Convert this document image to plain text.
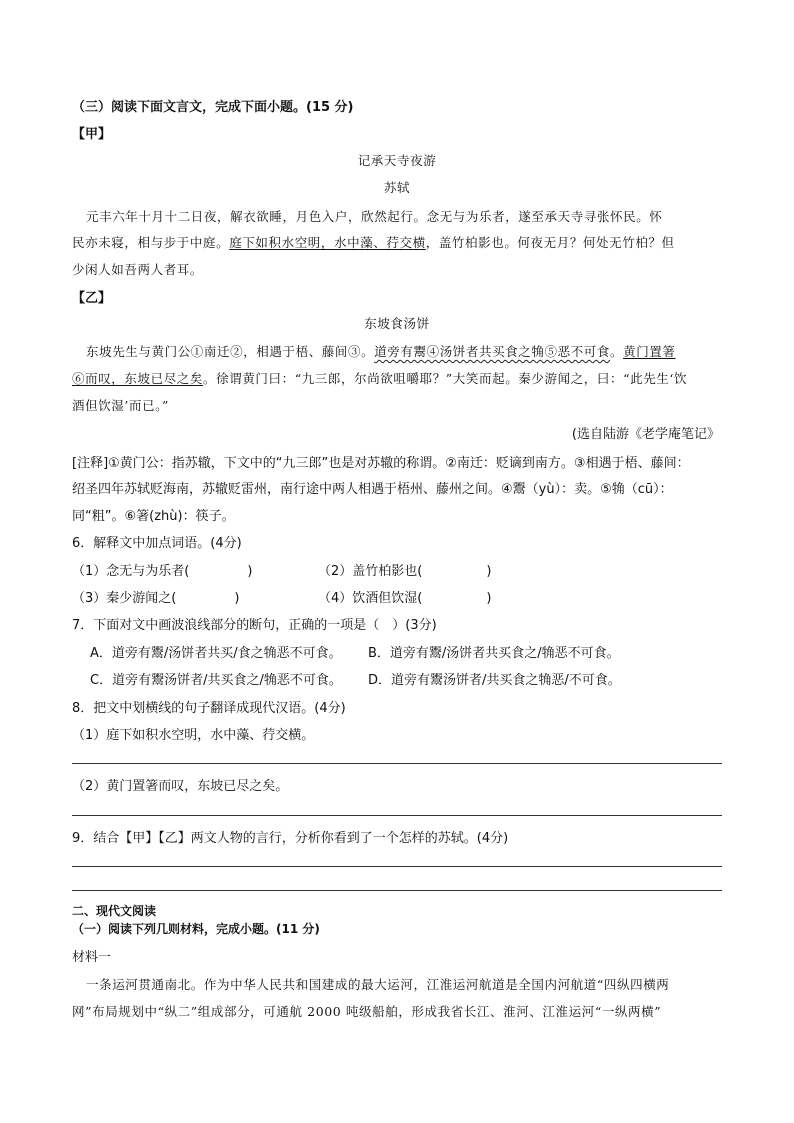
（三）阅读下面文言文，完成下面小题。(15 分)
【甲】
记承天寺夜游
苏轼
元丰六年十月十二日夜，解衣欲睡，月色入户，欣然起行。念无与为乐者，遂至承天寺寻张怀民。怀
民亦未寝，相与步于中庭。庭下如积水空明，水中藻、荇交横，盖竹柏影也。何夜无月？何处无竹柏？但
少闲人如吾两人者耳。
【乙】
东坡食汤饼
东坡先生与黄门公①南迁②，相遇于梧、藤间③。道旁有鬻④汤饼者共买食之觕⑤恶不可食。黄门置箸
⑥而叹，东坡已尽之矣。徐谓黄门曰：“九三郎，尔尚欲咀嚼耶？”大笑而起。秦少游闻之，曰：“此先生‘饮
酒但饮湿’而已。”
(选自陆游《老学庵笔记》
[注释]①黄门公：指苏辙，下文中的“九三郎”也是对苏辙的称谓。②南迁：贬谪到南方。③相遇于梧、藤间：
绍圣四年苏轼贬海南，苏辙贬雷州，南行途中两人相遇于梧州、藤州之间。④鬻（yù）：卖。⑤觕（cū）：
同“粗”。⑥箸(zhù)：筷子。
6．解释文中加点词语。(4分)
（1）念无与为乐者(	)	（2）盖竹柏影也(	)
（3）秦少游闻之(	)	（4）饮酒但饮湿(	)
7．下面对文中画波浪线部分的断句，正确的一项是（　）(3分)
A．道旁有鬻/汤饼者共买/食之觕恶不可食。 B．道旁有鬻/汤饼者共买食之/觕恶不可食。
C．道旁有鬻汤饼者/共买食之/觕恶不可食。 D．道旁有鬻汤饼者/共买食之觕恶/不可食。
8．把文中划横线的句子翻译成现代汉语。(4分)
（1）庭下如积水空明，水中藻、荇交横。
（2）黄门置箸而叹，东坡已尽之矣。
9．结合【甲】【乙】两文人物的言行，分析你看到了一个怎样的苏轼。(4分)
二、现代文阅读
（一）阅读下列几则材料，完成小题。(11 分)
材料一
一条运河贯通南北。作为中华人民共和国建成的最大运河，江淮运河航道是全国内河航道“四纵四横两
网”布局规划中“纵二”组成部分，可通航 2000 吨级船舶，形成我省长江、淮河、江淮运河“一纵两横”
